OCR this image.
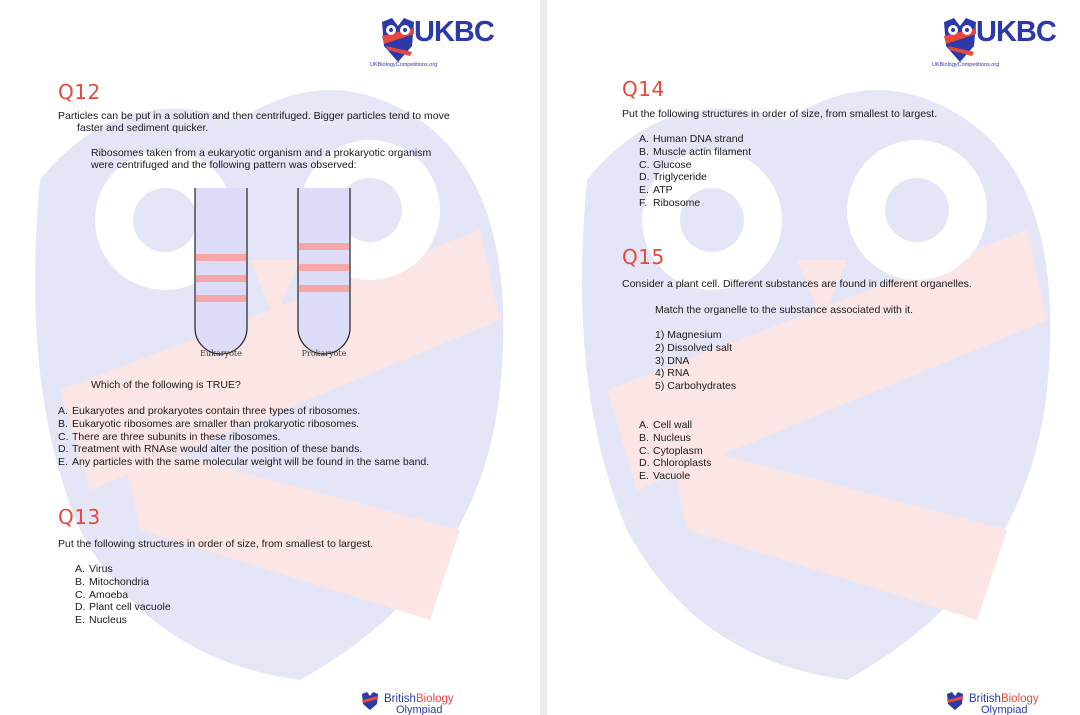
UKBC
UKBiologyCompetitions.org
Q12
Particles can be put in a solution and then centrifuged. Bigger particles tend to move
faster and sediment quicker.
Ribosomes taken from a eukaryotic organism and a prokaryotic organism
were centrifuged and the following pattern was observed:
Eukaryote	Prokaryote
Which of the following is TRUE?
A. Eukaryotes and prokaryotes contain three types of ribosomes.
B. Eukaryotic ribosomes are smaller than prokaryotic ribosomes.
C. There are three subunits in these ribosomes.
D. Treatment with RNAse would alter the position of these bands.
E. Any particles with the same molecular weight will be found in the same band.
Q13
Put the following structures in order of size, from smallest to largest.
A. Virus
B. Mitochondria
C. Amoeba
D. Plant cell vacuole
E. Nucleus
BritishBiology
Olympiad
UKBC
UKBiologyCompetitions.org
Q14
Put the following structures in order of size, from smallest to largest.
A. Human DNA strand
B. Muscle actin filament
C. Glucose
D. Triglyceride
E. ATP
F. Ribosome
Q15
Consider a plant cell. Different substances are found in different organelles.
Match the organelle to the substance associated with it.
1) Magnesium
2) Dissolved salt
3) DNA
4) RNA
5) Carbohydrates
A. Cell wall
B. Nucleus
C. Cytoplasm
D. Chloroplasts
E. Vacuole
BritishBiology
Olympiad
